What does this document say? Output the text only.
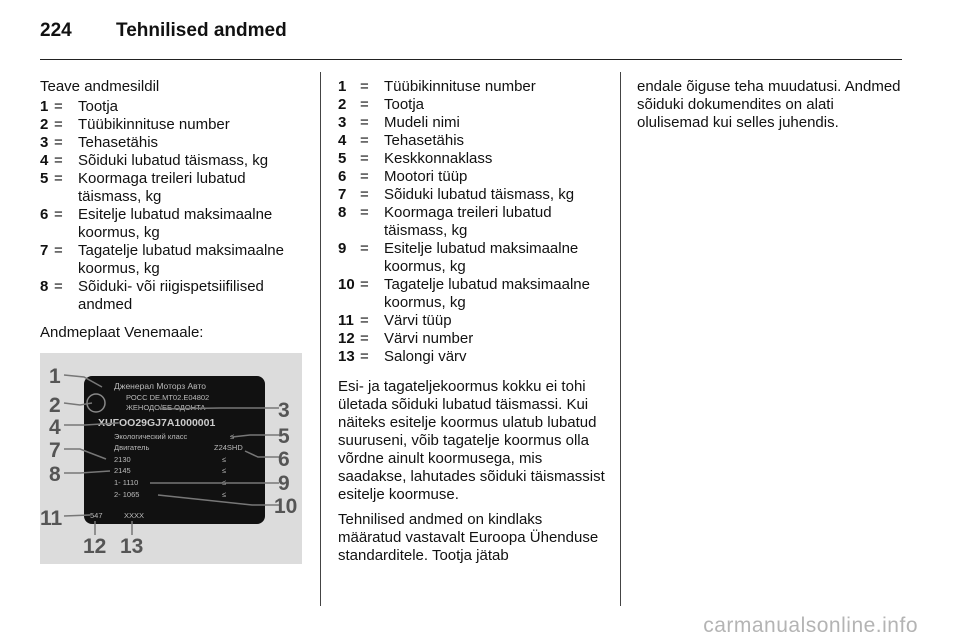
224 Tehnilised andmed
Teave andmesildil
1 =	Tootja
2 =	Tüübikinnituse number
3 =	Tehasetähis
4 =	Sõiduki lubatud täismass, kg
5 =	Koormaga treileri lubatud täismass, kg
6 =	Esitelje lubatud maksimaalne koormus, kg
7 =	Tagatelje lubatud maksimaalne koormus, kg
8 =	Sõiduki- või riigispetsiifilised andmed
Andmeplaat Venemaale:
Дженерал Моторз Авто
РОСС DE.MT02.E04802
ЖЕНОДО/ЕЕ ОДОНТА
XUFOO29GJ7A1000001
Экологический класс
Двигатель	Z24SHD
2130
2145
1- 1110
2- 1065
547	XXXX
≤
≤
≤
≤
≤
1
2	3
4	5
7	6
8	9
10
11
12 13
1 =	Tüübikinnituse number
2 =	Tootja
3 =	Mudeli nimi
4 =	Tehasetähis
5 =	Keskkonnaklass
6 =	Mootori tüüp
7 =	Sõiduki lubatud täismass, kg
8 =	Koormaga treileri lubatud täismass, kg
9 =	Esitelje lubatud maksimaalne koormus, kg
10 =	Tagatelje lubatud maksimaalne koormus, kg
11 =	Värvi tüüp
12 =	Värvi number
13 =	Salongi värv
Esi- ja tagateljekoormus kokku ei tohi ületada sõiduki lubatud täismassi. Kui näiteks esitelje koormus ulatub lubatud suuruseni, võib tagatelje koormus olla võrdne ainult koormusega, mis saadakse, lahutades sõiduki täismassist esitelje koormuse.
Tehnilised andmed on kindlaks määratud vastavalt Euroopa Ühenduse standarditele. Tootja jätab
endale õiguse teha muudatusi. Andmed sõiduki dokumendites on alati olulisemad kui selles juhendis.
carmanualsonline.info
